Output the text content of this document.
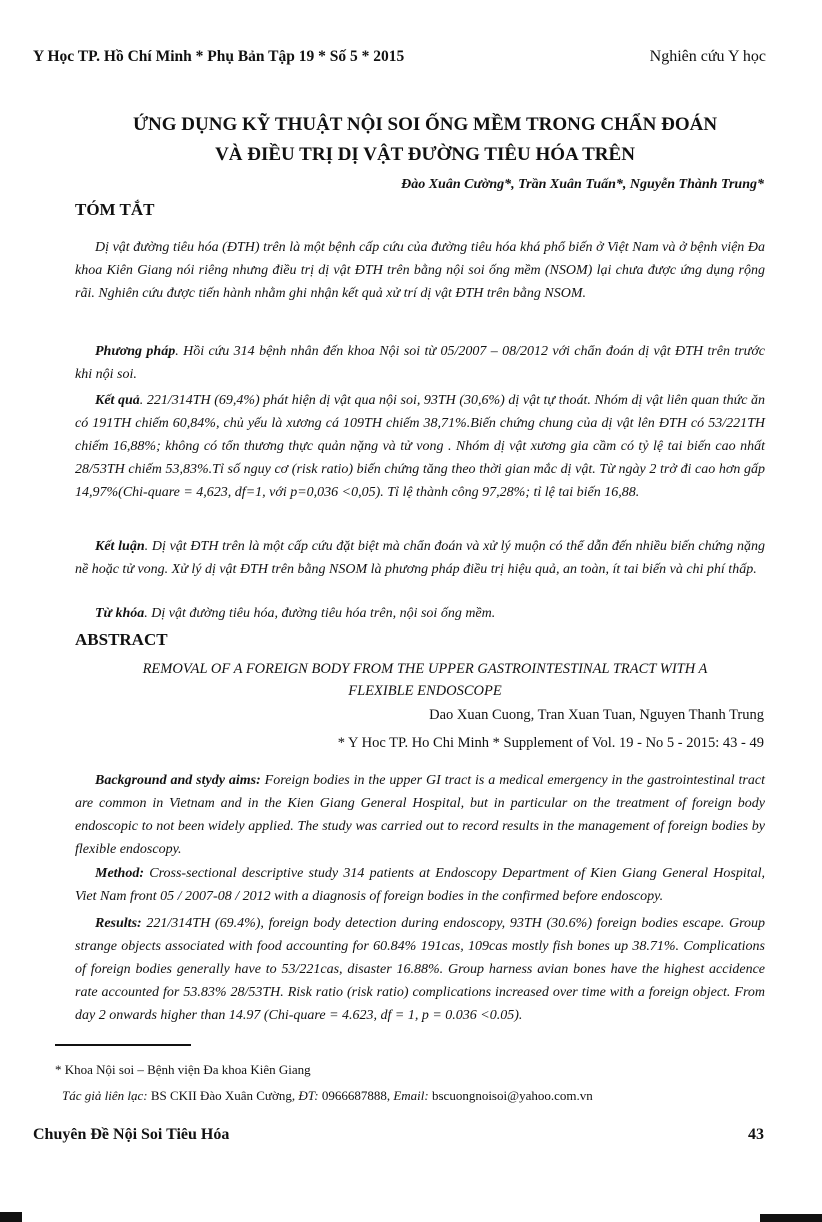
Y Học TP. Hồ Chí Minh * Phụ Bản Tập 19 * Số 5 * 2015	Nghiên cứu Y học
ỨNG DỤNG KỸ THUẬT NỘI SOI ỐNG MỀM TRONG CHẨN ĐOÁN
VÀ ĐIỀU TRỊ DỊ VẬT ĐƯỜNG TIÊU HÓA TRÊN
Đào Xuân Cường*, Trần Xuân Tuấn*, Nguyễn Thành Trung*
TÓM TẮT
Dị vật đường tiêu hóa (ĐTH) trên là một bệnh cấp cứu của đường tiêu hóa khá phổ biến ở Việt Nam và ở bệnh viện Đa khoa Kiên Giang nói riêng nhưng điều trị dị vật ĐTH trên bằng nội soi ống mềm (NSOM) lại chưa được ứng dụng rộng rãi. Nghiên cứu được tiến hành nhằm ghi nhận kết quả xử trí dị vật ĐTH trên bằng NSOM.
Phương pháp. Hồi cứu 314 bệnh nhân đến khoa Nội soi từ 05/2007 – 08/2012 với chẩn đoán dị vật ĐTH trên trước khi nội soi.
Kết quả. 221/314TH (69,4%) phát hiện dị vật qua nội soi, 93TH (30,6%) dị vật tự thoát. Nhóm dị vật liên quan thức ăn có 191TH chiếm 60,84%, chủ yếu là xương cá 109TH chiếm 38,71%.Biến chứng chung của dị vật lên ĐTH có 53/221TH chiếm 16,88%; không có tổn thương thực quản nặng và tử vong . Nhóm dị vật xương gia cầm có tỷ lệ tai biến cao nhất 28/53TH chiếm 53,83%.Tỉ số nguy cơ (risk ratio) biến chứng tăng theo thời gian mắc dị vật. Từ ngày 2 trở đi cao hơn gấp 14,97%(Chi-quare = 4,623, df=1, với p=0,036 <0,05). Tỉ lệ thành công 97,28%; tỉ lệ tai biến 16,88.
Kết luận. Dị vật ĐTH trên là một cấp cứu đặt biệt mà chẩn đoán và xử lý muộn có thể dẫn đến nhiều biến chứng nặng nề hoặc tử vong. Xử lý dị vật ĐTH trên bằng NSOM là phương pháp điều trị hiệu quả, an toàn, ít tai biến và chi phí thấp.
Từ khóa. Dị vật đường tiêu hóa, đường tiêu hóa trên, nội soi ống mềm.
ABSTRACT
REMOVAL OF A FOREIGN BODY FROM THE UPPER GASTROINTESTINAL TRACT WITH A
FLEXIBLE ENDOSCOPE
Dao Xuan Cuong, Tran Xuan Tuan, Nguyen Thanh Trung
* Y Hoc TP. Ho Chi Minh * Supplement of Vol. 19 - No 5 - 2015: 43 - 49
Background and stydy aims: Foreign bodies in the upper GI tract is a medical emergency in the gastrointestinal tract are common in Vietnam and in the Kien Giang General Hospital, but in particular on the treatment of foreign body endoscopic to not been widely applied. The study was carried out to record results in the management of foreign bodies by flexible endoscopy.
Method: Cross-sectional descriptive study 314 patients at Endoscopy Department of Kien Giang General Hospital, Viet Nam front 05 / 2007-08 / 2012 with a diagnosis of foreign bodies in the confirmed before endoscopy.
Results: 221/314TH (69.4%), foreign body detection during endoscopy, 93TH (30.6%) foreign bodies escape. Group strange objects associated with food accounting for 60.84% 191cas, 109cas mostly fish bones up 38.71%. Complications of foreign bodies generally have to 53/221cas, disaster 16.88%. Group harness avian bones have the highest accidence rate accounted for 53.83% 28/53TH. Risk ratio (risk ratio) complications increased over time with a foreign object. From day 2 onwards higher than 14.97 (Chi-quare = 4.623, df = 1, p = 0.036 <0.05).
* Khoa Nội soi – Bệnh viện Đa khoa Kiên Giang
Tác giả liên lạc: BS CKII Đào Xuân Cường, ĐT: 0966687888, Email: bscuongnoisoi@yahoo.com.vn
Chuyên Đề Nội Soi Tiêu Hóa	43
